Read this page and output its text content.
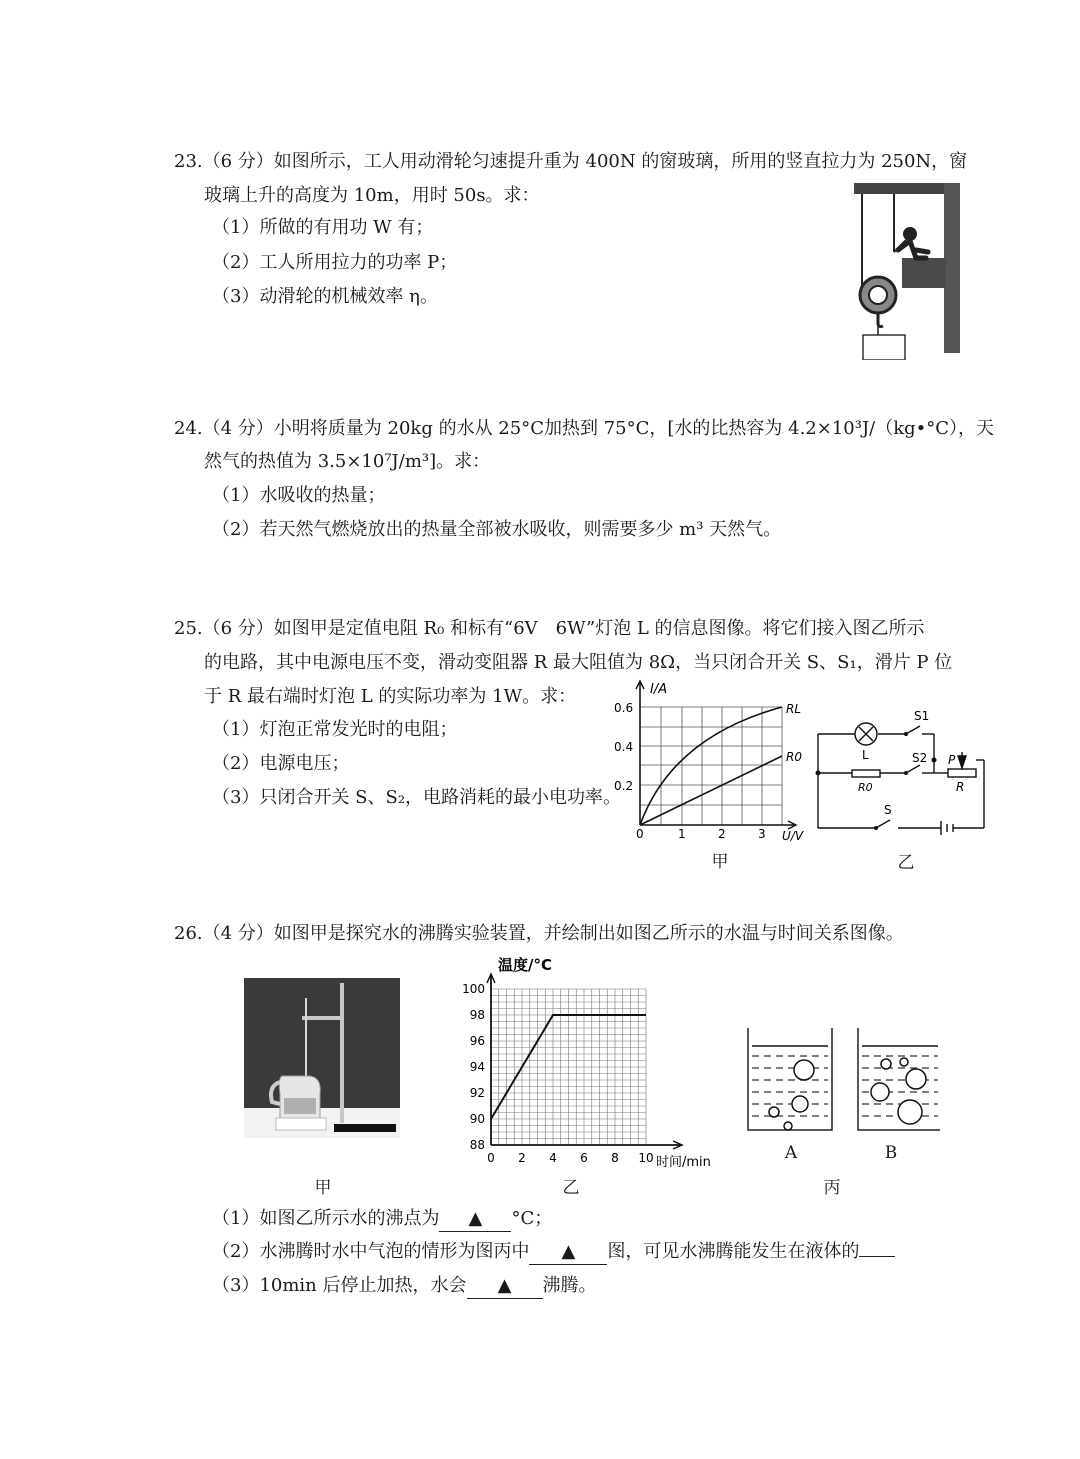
23.（6 分）如图所示，工人用动滑轮匀速提升重为 400N 的窗玻璃，所用的竖直拉力为 250N，窗
玻璃上升的高度为 10m，用时 50s。求：
（1）所做的有用功 W 有；
（2）工人所用拉力的功率 P；
（3）动滑轮的机械效率 η。
24.（4 分）小明将质量为 20kg 的水从 25°C加热到 75°C，[水的比热容为 4.2×10³J/（kg•°C），天
然气的热值为 3.5×10⁷J/m³]。求：
（1）水吸收的热量；
（2）若天然气燃烧放出的热量全部被水吸收，则需要多少 m³ 天然气。
25.（6 分）如图甲是定值电阻 R₀ 和标有“6V　6W”灯泡 L 的信息图像。将它们接入图乙所示
的电路，其中电源电压不变，滑动变阻器 R 最大阻值为 8Ω，当只闭合开关 S、S₁，滑片 P 位
于 R 最右端时灯泡 L 的实际功率为 1W。求：
（1）灯泡正常发光时的电阻；
（2）电源电压；
（3）只闭合开关 S、S₂，电路消耗的最小电功率。
I/A
0.6
0.4
0.2
0	1	2	3 U/V
RL
R0
甲
L
R0
S1
S2 P
R
S
乙
26.（4 分）如图甲是探究水的沸腾实验装置，并绘制出如图乙所示的水温与时间关系图像。
甲
温度/°C
时间/min
100
98
96
94
92
90
88
0 2 4 6 8 10
乙
A	B
丙
（1）如图乙所示水的沸点为 ▲ °C；
（2）水沸腾时水中气泡的情形为图丙中 ▲ 图，可见水沸腾能发生在液体的
（3）10min 后停止加热，水会 ▲ 沸腾。
